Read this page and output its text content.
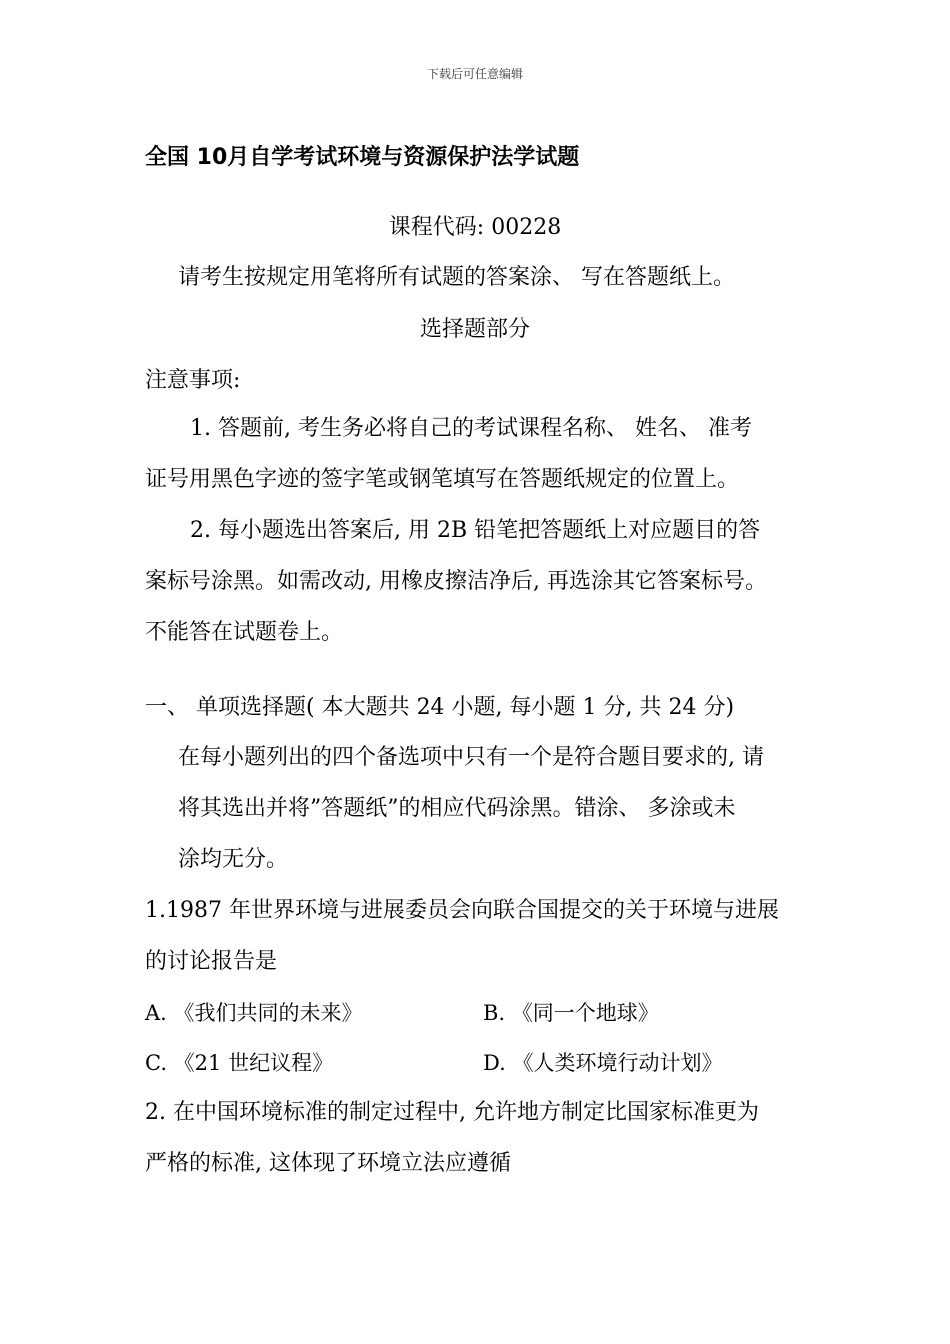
下载后可任意编辑
全国 10月自学考试环境与资源保护法学试题
课程代码: 00228
请考生按规定用笔将所有试题的答案涂、 写在答题纸上。
选择题部分
注意事项:
1. 答题前, 考生务必将自己的考试课程名称、 姓名、 准考
证号用黑色字迹的签字笔或钢笔填写在答题纸规定的位置上。
2. 每小题选出答案后, 用 2B 铅笔把答题纸上对应题目的答
案标号涂黑。如需改动, 用橡皮擦洁净后, 再选涂其它答案标号。
不能答在试题卷上。
一、 单项选择题( 本大题共 24 小题, 每小题 1 分, 共 24 分)
在每小题列出的四个备选项中只有一个是符合题目要求的, 请
将其选出并将”答题纸”的相应代码涂黑。错涂、 多涂或未
涂均无分。
1.1987 年世界环境与进展委员会向联合国提交的关于环境与进展
的讨论报告是
A. 《我们共同的未来》	B. 《同一个地球》
C. 《21 世纪议程》	D. 《人类环境行动计划》
2. 在中国环境标准的制定过程中, 允许地方制定比国家标准更为
严格的标准, 这体现了环境立法应遵循
